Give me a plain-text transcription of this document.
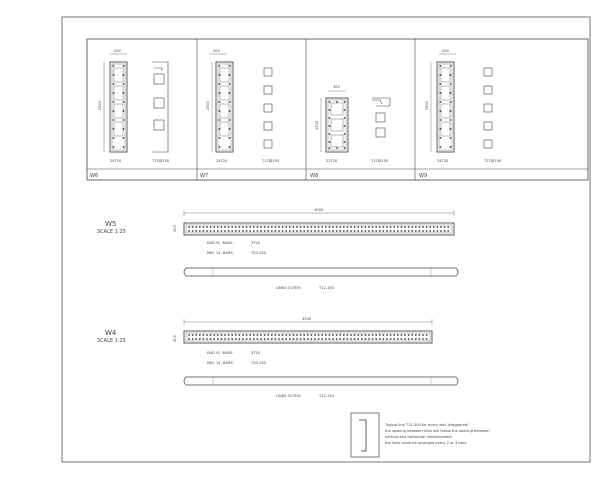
W6
200
2500
24T20	T12@150
W7
200
2500
24T20	T12@150
W8
300
1200
22T20	T12@150
W9
200
2500
24T20	T12@150
W5
SCALE 1:25
4900
200
END VL. BARS:	3T20
MID. VL. BARS:	T20-150
LINKS OUTER:	T12-150
W4
SCALE 1:25
4900
200
END VL. BARS:	3T20
MID. VL. BARS:	T20-150
LINKS OUTER:	T12-150
Typical link T12-300 for every wall (staggered)
the spacing between links will follow the spacing between
vertical and horizontal reinforcement
the links could be arranged every 2 or 3 bars.
